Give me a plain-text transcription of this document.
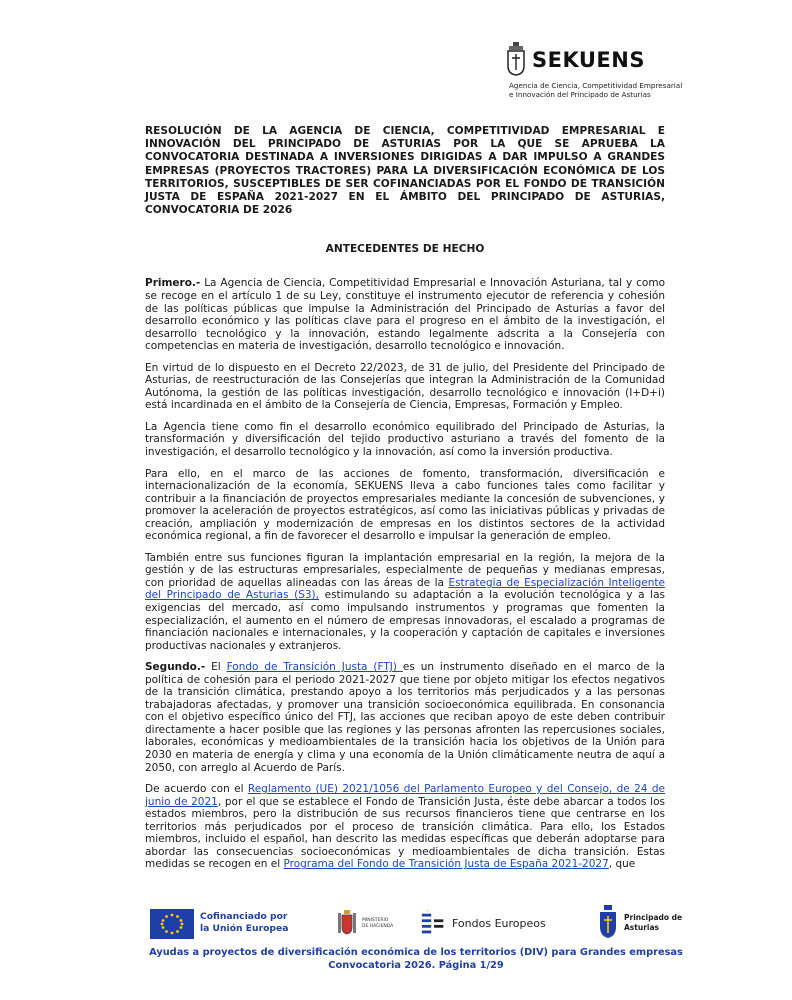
SEKUENS
Agencia de Ciencia, Competitividad Empresarial
e Innovación del Principado de Asturias

RESOLUCIÓN DE LA AGENCIA DE CIENCIA, COMPETITIVIDAD EMPRESARIAL E INNOVACIÓN DEL PRINCIPADO DE ASTURIAS POR LA QUE SE APRUEBA LA CONVOCATORIA DESTINADA A INVERSIONES DIRIGIDAS A DAR IMPULSO A GRANDES EMPRESAS (PROYECTOS TRACTORES) PARA LA DIVERSIFICACIÓN ECONÓMICA DE LOS TERRITORIOS, SUSCEPTIBLES DE SER COFINANCIADAS POR EL FONDO DE TRANSICIÓN JUSTA DE ESPAÑA 2021-2027 EN EL ÁMBITO DEL PRINCIPADO DE ASTURIAS, CONVOCATORIA DE 2026

ANTECEDENTES DE HECHO

Primero.- La Agencia de Ciencia, Competitividad Empresarial e Innovación Asturiana, tal y como se recoge en el artículo 1 de su Ley, constituye el instrumento ejecutor de referencia y cohesión de las políticas públicas que impulse la Administración del Principado de Asturias a favor del desarrollo económico y las políticas clave para el progreso en el ámbito de la investigación, el desarrollo tecnológico y la innovación, estando legalmente adscrita a la Consejería con competencias en materia de investigación, desarrollo tecnológico e innovación.

En virtud de lo dispuesto en el Decreto 22/2023, de 31 de julio, del Presidente del Principado de Asturias, de reestructuración de las Consejerías que integran la Administración de la Comunidad Autónoma, la gestión de las políticas investigación, desarrollo tecnológico e innovación (I+D+i) está incardinada en el ámbito de la Consejería de Ciencia, Empresas, Formación y Empleo.

La Agencia tiene como fin el desarrollo económico equilibrado del Principado de Asturias, la transformación y diversificación del tejido productivo asturiano a través del fomento de la investigación, el desarrollo tecnológico y la innovación, así como la inversión productiva.

Para ello, en el marco de las acciones de fomento, transformación, diversificación e internacionalización de la economía, SEKUENS lleva a cabo funciones tales como facilitar y contribuir a la financiación de proyectos empresariales mediante la concesión de subvenciones, y promover la aceleración de proyectos estratégicos, así como las iniciativas públicas y privadas de creación, ampliación y modernización de empresas en los distintos sectores de la actividad económica regional, a fin de favorecer el desarrollo e impulsar la generación de empleo.

También entre sus funciones figuran la implantación empresarial en la región, la mejora de la gestión y de las estructuras empresariales, especialmente de pequeñas y medianas empresas, con prioridad de aquellas alineadas con las áreas de la Estrategia de Especialización Inteligente del Principado de Asturias (S3), estimulando su adaptación a la evolución tecnológica y a las exigencias del mercado, así como impulsando instrumentos y programas que fomenten la especialización, el aumento en el número de empresas innovadoras, el escalado a programas de financiación nacionales e internacionales, y la cooperación y captación de capitales e inversiones productivas nacionales y extranjeros.

Segundo.- El Fondo de Transición Justa (FTJ) es un instrumento diseñado en el marco de la política de cohesión para el periodo 2021-2027 que tiene por objeto mitigar los efectos negativos de la transición climática, prestando apoyo a los territorios más perjudicados y a las personas trabajadoras afectadas, y promover una transición socioeconómica equilibrada. En consonancia con el objetivo específico único del FTJ, las acciones que reciban apoyo de este deben contribuir directamente a hacer posible que las regiones y las personas afronten las repercusiones sociales, laborales, económicas y medioambientales de la transición hacia los objetivos de la Unión para 2030 en materia de energía y clima y una economía de la Unión climáticamente neutra de aquí a 2050, con arreglo al Acuerdo de París.

De acuerdo con el Reglamento (UE) 2021/1056 del Parlamento Europeo y del Consejo, de 24 de junio de 2021, por el que se establece el Fondo de Transición Justa, éste debe abarcar a todos los estados miembros, pero la distribución de sus recursos financieros tiene que centrarse en los territorios más perjudicados por el proceso de transición climática. Para ello, los Estados miembros, incluido el español, han descrito las medidas específicas que deberán adoptarse para abordar las consecuencias socioeconómicas y medioambientales de dicha transición. Estas medidas se recogen en el Programa del Fondo de Transición Justa de España 2021-2027, que

Cofinanciado por
la Unión Europea
MINISTERIO
DE HACIENDA	Fondos Europeos	Principado de
Asturias
Ayudas a proyectos de diversificación económica de los territorios (DIV) para Grandes empresas
Convocatoria 2026. Página 1/29
